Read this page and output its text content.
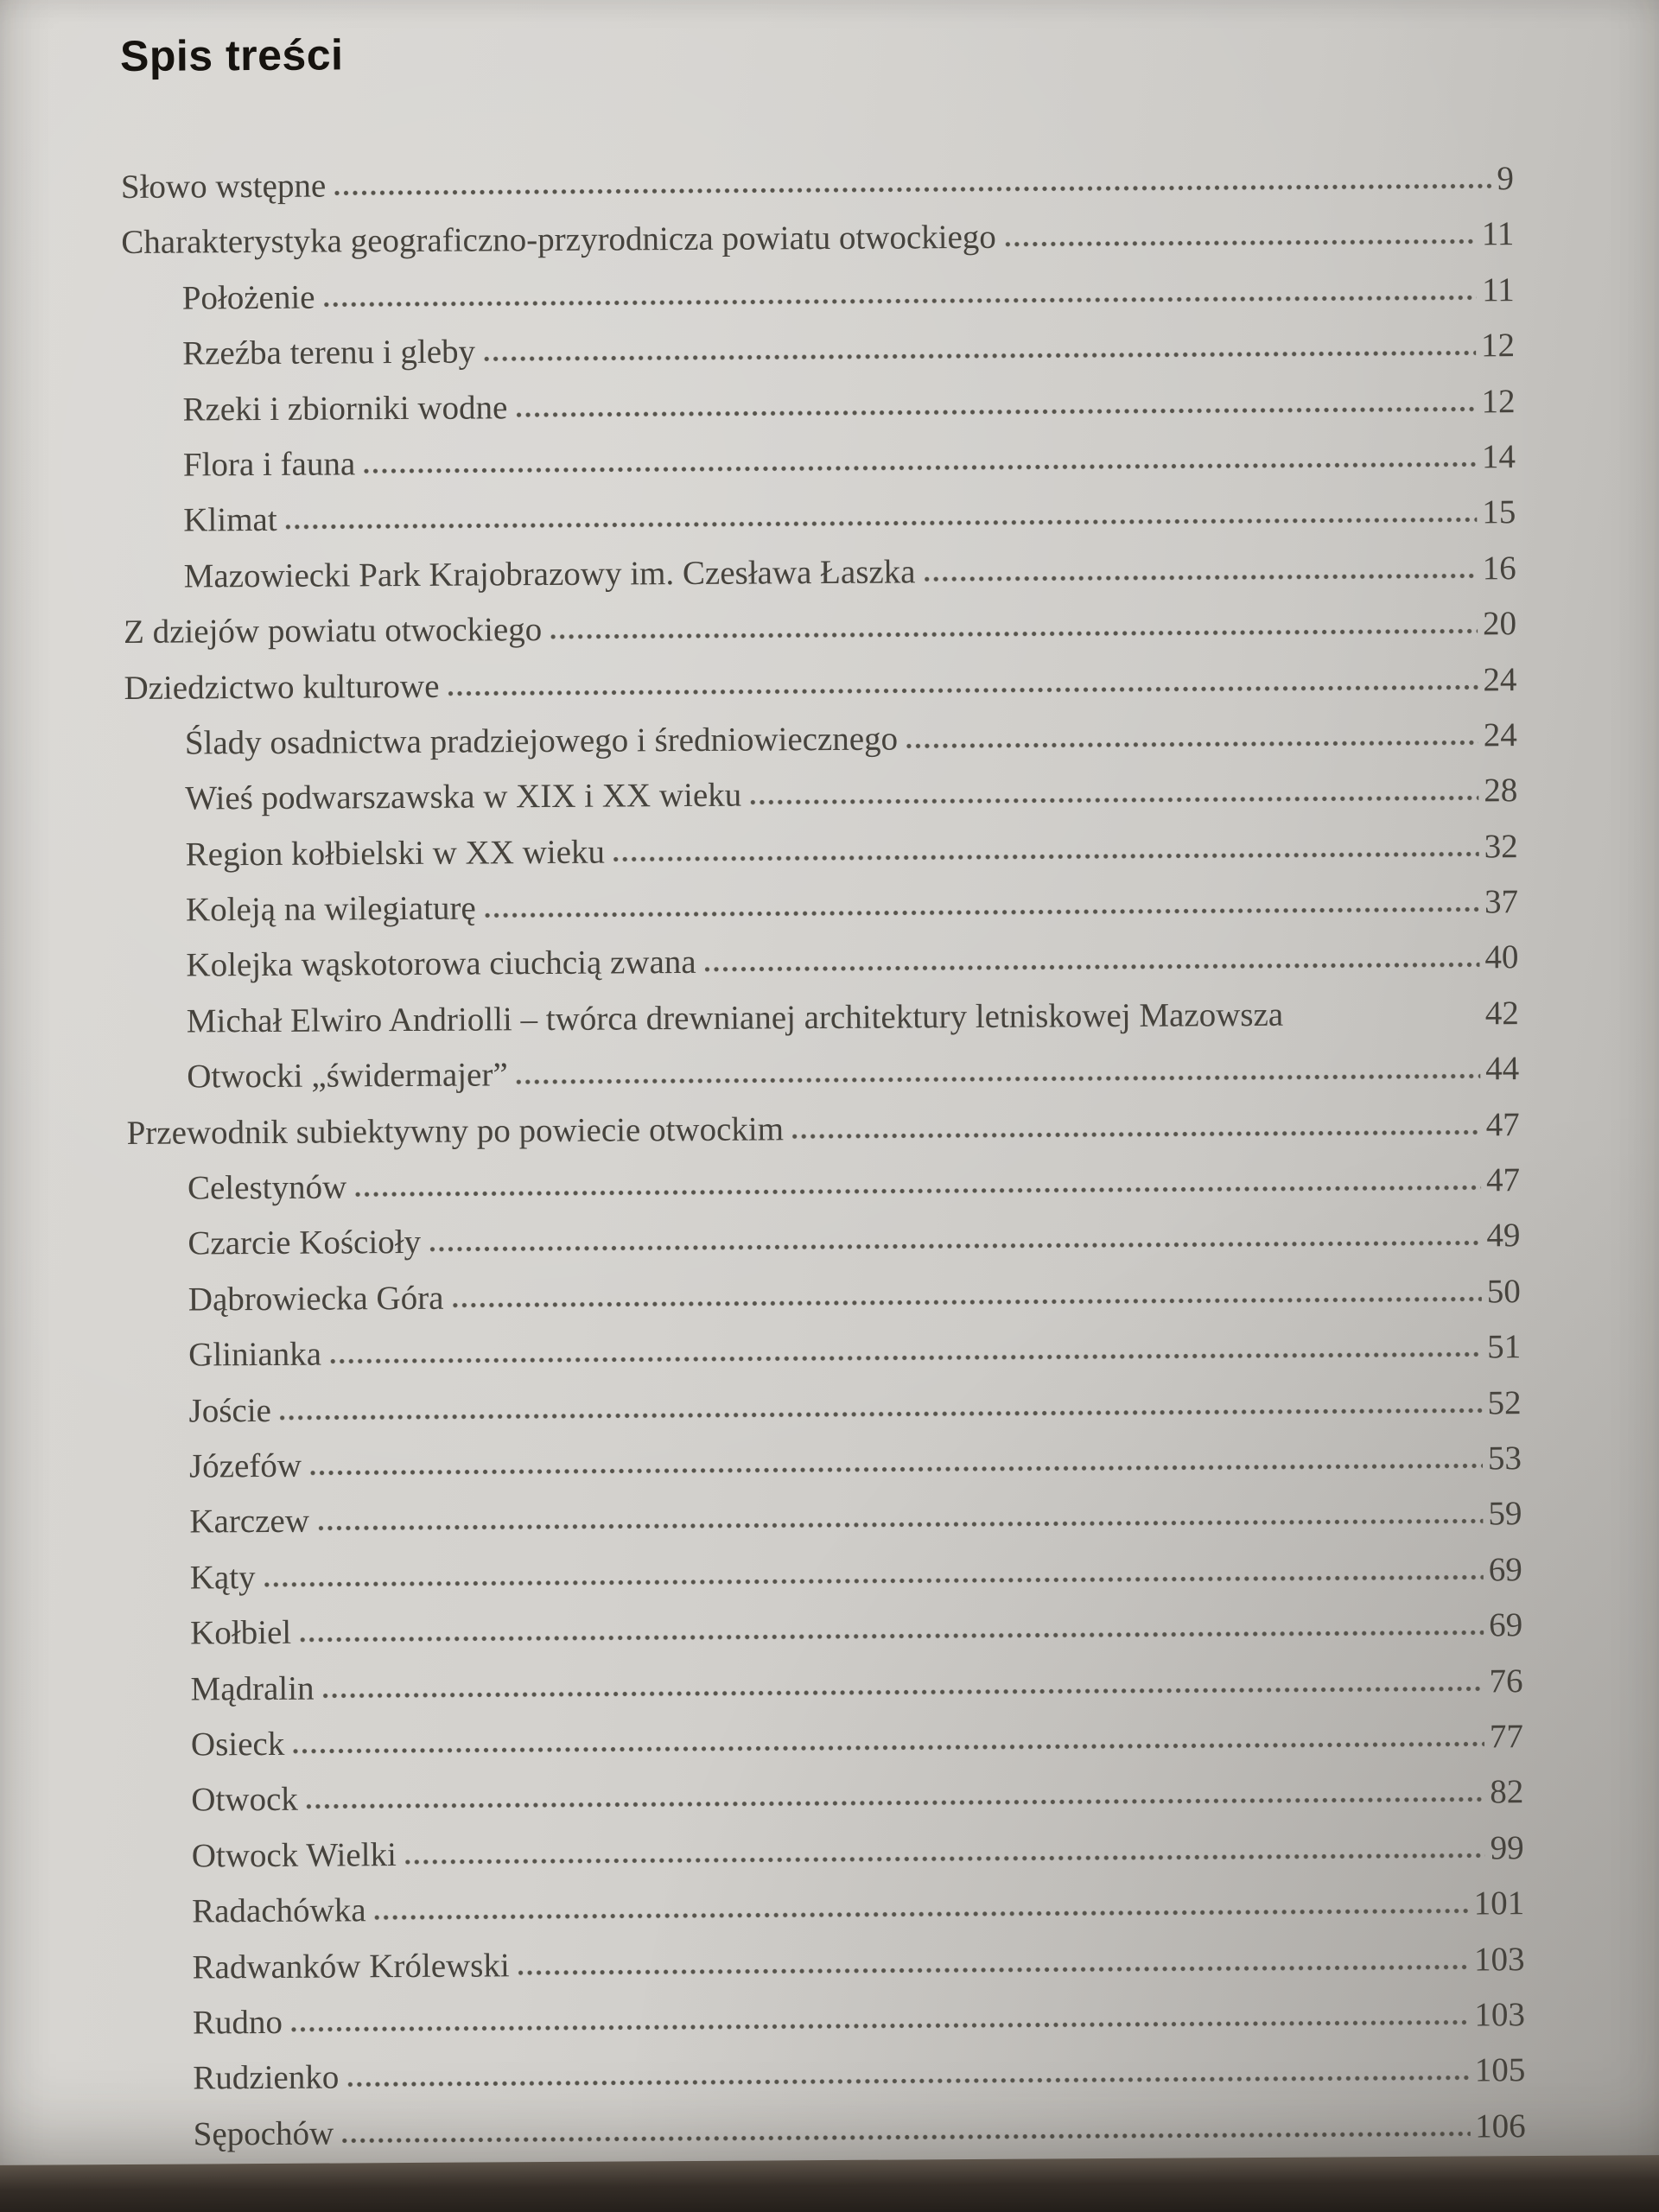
Spis treści
Słowo wstępne	9
Charakterystyka geograficzno-przyrodnicza powiatu otwockiego	11
Położenie	11
Rzeźba terenu i gleby	12
Rzeki i zbiorniki wodne	12
Flora i fauna	14
Klimat	15
Mazowiecki Park Krajobrazowy im. Czesława Łaszka	16
Z dziejów powiatu otwockiego	20
Dziedzictwo kulturowe	24
Ślady osadnictwa pradziejowego i średniowiecznego	24
Wieś podwarszawska w XIX i XX wieku	28
Region kołbielski w XX wieku	32
Koleją na wilegiaturę	37
Kolejka wąskotorowa ciuchcią zwana	40
Michał Elwiro Andriolli – twórca drewnianej architektury letniskowej Mazowsza	42
Otwocki „świdermajer”	44
Przewodnik subiektywny po powiecie otwockim	47
Celestynów	47
Czarcie Kościoły	49
Dąbrowiecka Góra	50
Glinianka	51
Joście	52
Józefów	53
Karczew	59
Kąty	69
Kołbiel	69
Mądralin	76
Osieck	77
Otwock	82
Otwock Wielki	99
Radachówka	101
Radwanków Królewski	103
Rudno	103
Rudzienko	105
Sępochów	106
